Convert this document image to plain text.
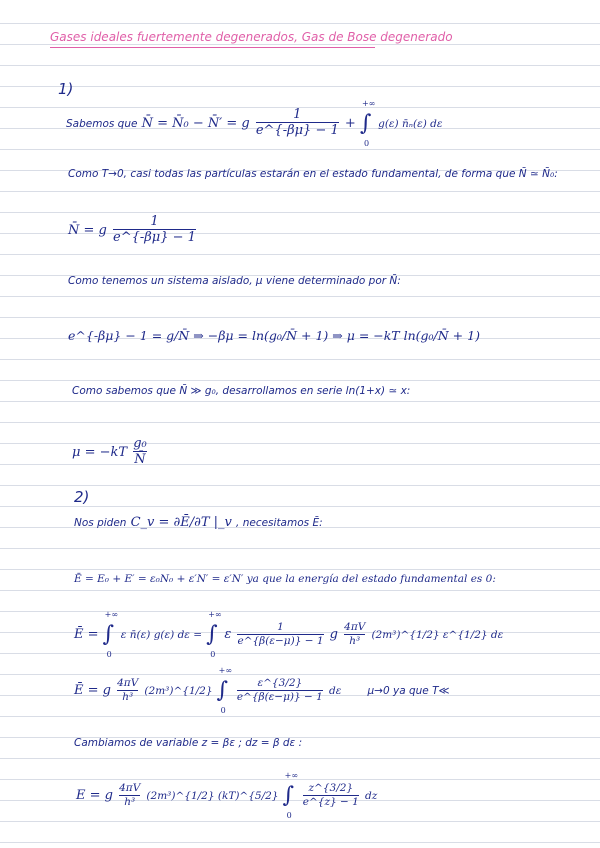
Gases ideales fuertemente degenerados, Gas de Bose degenerado
1)
Sabemos que N̄ = N̄₀ − N̄′ = g $\frac{1}{e\^{}\{-\beta\mu\} - 1}$ + ∫
+∞
0
g(ε) n̄ₙ(ε) dε
Como T→0, casi todas las partículas estarán en el estado fundamental, de forma que N̄ ≃ N̄₀:
N̄ = g $\frac{1}{e\^{}\{-\beta\mu\} - 1}$
Como tenemos un sistema aislado, μ viene determinado por N̄:
e^{-βμ} − 1 = g/N̄ ⇒ −βμ = ln(g₀/N̄ + 1) ⇒ μ = −kT ln(g₀/N̄ + 1)
Como sabemos que N̄ ≫ g₀, desarrollamos en serie ln(1+x) ≃ x:
$\mu = -kT \frac{\text{g₀}}{N̄}$
2)
Nos piden C_v = ∂Ē/∂T |_v , necesitamos Ē:
Ē = E₀ + E′ = ε₀N₀ + ε′N′ = ε′N′ ya que la energía del estado fundamental es 0:
Ē = ∫
+∞
0
ε n̄(ε) g(ε) dε = ∫
+∞
0
ε $\frac{1}{e\^{}\{\beta(\varepsilon-\mu)\} - 1}$ g $\frac{4\pi V}{\text{h³}}$ (2m³)^{1/2} ε^{1/2} dε
Ē = g $\frac{4\pi V}{\text{h³}}$ (2m³)^{1/2} ∫
+∞
0

$\frac{\varepsilon\^{}\{3/2\}}{e\^{}\{\beta(\varepsilon-\mu)\} - 1}$ dε μ→0 ya que T≪
Cambiamos de variable z = βε ; dz = β dε :
E = g $\frac{4\pi V}{\text{h³}}$ (2m³)^{1/2} (kT)^{5/2} ∫
+∞
0

$\frac{z\^{}\{3/2\}}{e\^{}\{z\} - 1}$ dz
